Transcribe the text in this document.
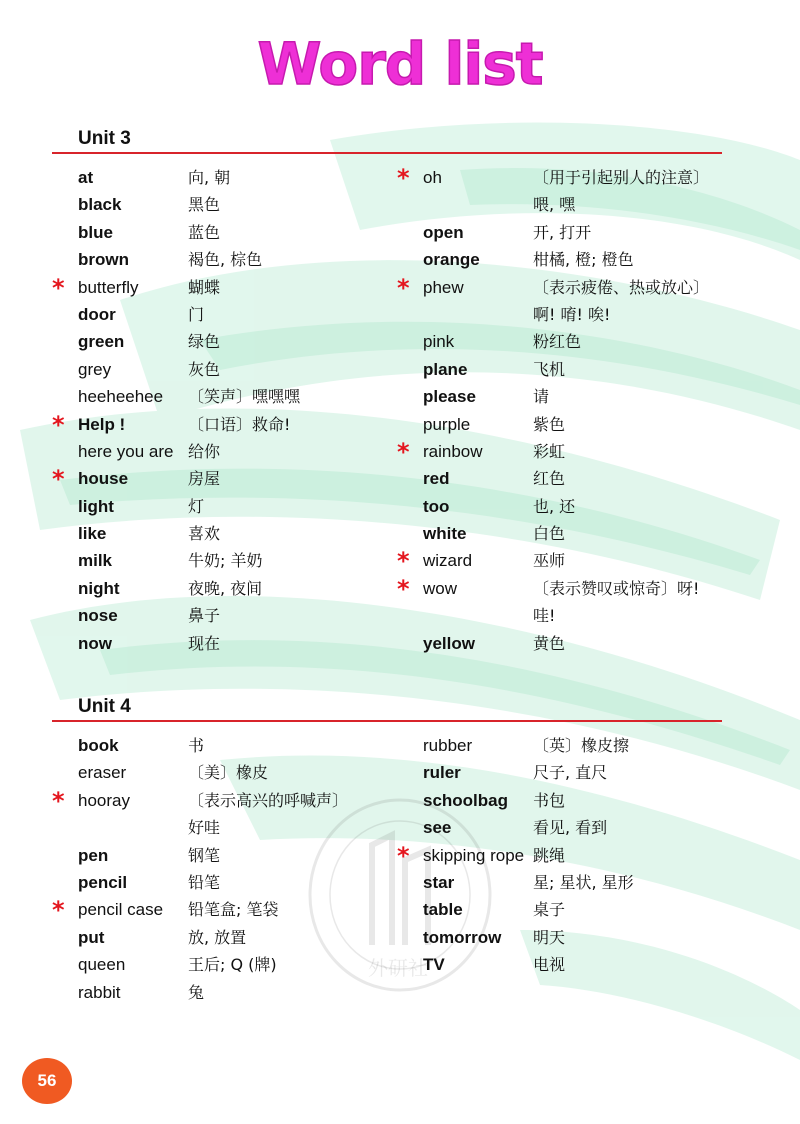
外研社
Word list
Unit 3
at	向, 朝
black	黑色
blue	蓝色
brown	褐色, 棕色
* butterfly	蝴蝶
door	门
green	绿色
grey	灰色
heeheehee 〔笑声〕嘿嘿嘿
* Help !	〔口语〕救命!
here you are 给你
* house	房屋
light	灯
like	喜欢
milk	牛奶; 羊奶
night	夜晚, 夜间
nose	鼻子
now	现在
* oh	〔用于引起别人的注意〕
喂, 嘿
open	开, 打开
orange	柑橘, 橙; 橙色
* phew	〔表示疲倦、热或放心〕
啊! 唷! 唉!
pink	粉红色
plane	飞机
please	请
purple	紫色
* rainbow	彩虹
red	红色
too	也, 还
white	白色
* wizard	巫师
* wow	〔表示赞叹或惊奇〕呀!
哇!
yellow	黄色
Unit 4
book	书
eraser	〔美〕橡皮
* hooray	〔表示高兴的呼喊声〕
好哇
pen	钢笔
pencil	铅笔
* pencil case 铅笔盒; 笔袋
put	放, 放置
queen	王后; Q (牌)
rabbit	兔
rubber	〔英〕橡皮擦
ruler	尺子, 直尺
schoolbag 书包
see	看见, 看到
* skipping rope 跳绳
star	星; 星状, 星形
table	桌子
tomorrow 明天
TV	电视
56
